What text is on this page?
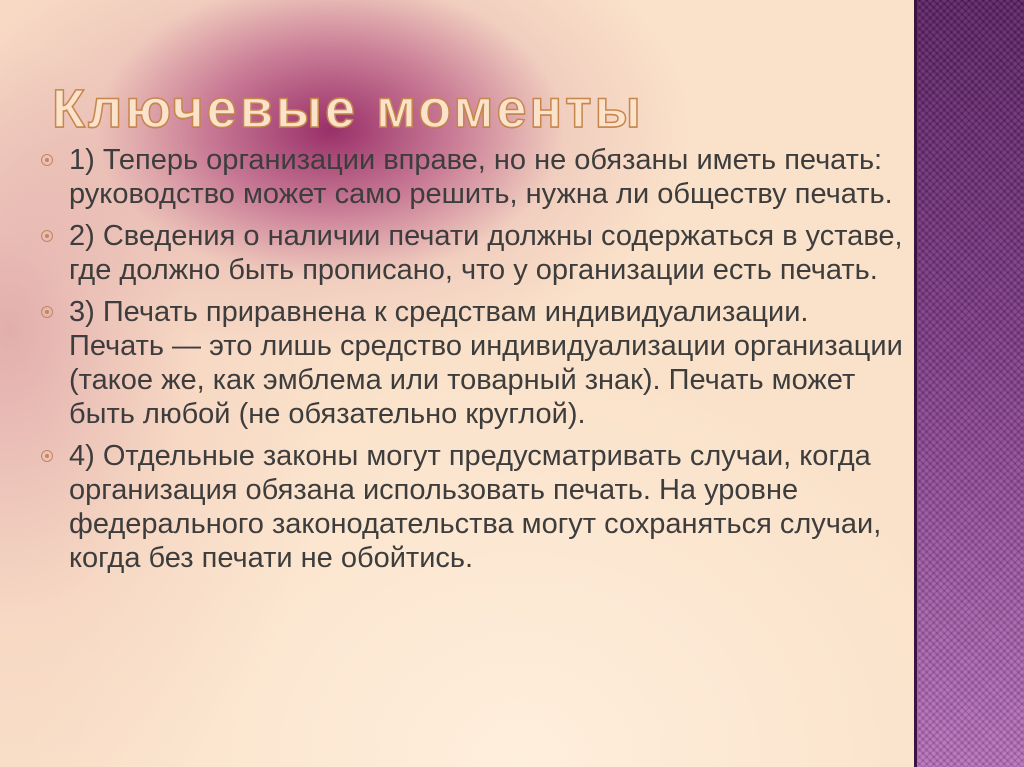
Ключевые моменты
1) Теперь организации вправе, но не обязаны иметь печать: руководство может само решить, нужна ли обществу печать.
2) Сведения о наличии печати должны содержаться в уставе, где должно быть прописано, что у организации есть печать.
3) Печать приравнена к средствам индивидуализации. Печать — это лишь средство индивидуализации организации (такое же, как эмблема или товарный знак). Печать может быть любой (не обязательно круглой).
4) Отдельные законы могут предусматривать случаи, когда организация обязана использовать печать. На уровне федерального законодательства могут сохраняться случаи, когда без печати не обойтись.
